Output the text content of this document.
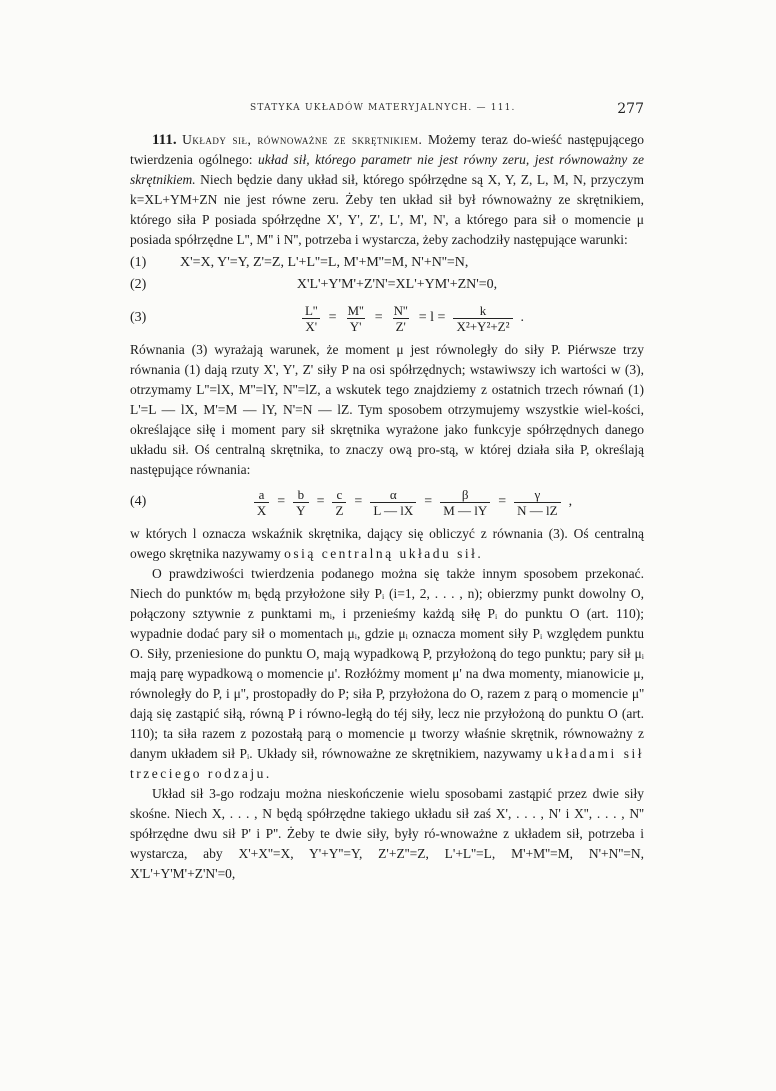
STATYKA UKŁADÓW MATERYJALNYCH. — 111.	277

111. Układy sił, równoważne ze skrętnikiem. Możemy teraz do-wieść następującego twierdzenia ogólnego: układ sił, którego parametr nie jest równy zeru, jest równoważny ze skrętnikiem. Niech będzie dany układ sił, którego spółrzędne są X, Y, Z, L, M, N, przyczym k=XL+YM+ZN nie jest równe zeru. Żeby ten układ sił był równoważny ze skrętnikiem, którego siła P posiada spółrzędne X', Y', Z', L', M', N', a którego para sił o momencie μ posiada spółrzędne L'', M'' i N'', potrzeba i wystarcza, żeby zachodziły następujące warunki:

(1)	X'=X, Y'=Y, Z'=Z, L'+L''=L, M'+M''=M, N'+N''=N,
(2)	X'L'+Y'M'+Z'N'=XL'+YM'+ZN'=0,
(3)	$\frac{L''}{X'} = \frac{M''}{Y'} = \frac{N''}{Z'} = l = \frac{k}{\text{X²+Y²+Z²}}$ .

Równania (3) wyrażają warunek, że moment μ jest równoległy do siły P. Piérwsze trzy równania (1) dają rzuty X', Y', Z' siły P na osi spółrzędnych; wstawiwszy ich wartości w (3), otrzymamy L''=lX, M''=lY, N''=lZ, a wskutek tego znajdziemy z ostatnich trzech równań (1) L'=L — lX, M'=M — lY, N'=N — lZ. Tym sposobem otrzymujemy wszystkie wiel-kości, określające siłę i moment pary sił skrętnika wyrażone jako funkcyje spółrzędnych danego układu sił. Oś centralną skrętnika, to znaczy ową pro-stą, w której działa siła P, określają następujące równania:

(4)	$\frac{a}{X} = \frac{b}{Y} = \frac{c}{Z} = \frac{\alpha}{L — lX} = \frac{\beta}{M — lY} = \frac{\gamma}{N — lZ}$ ,

w których l oznacza wskaźnik skrętnika, dający się obliczyć z równania (3). Oś centralną owego skrętnika nazywamy osią centralną układu sił.

O prawdziwości twierdzenia podanego można się także innym sposobem przekonać. Niech do punktów mᵢ będą przyłożone siły Pᵢ (i=1, 2, . . . , n); obierzmy punkt dowolny O, połączony sztywnie z punktami mᵢ, i przenieśmy każdą siłę Pᵢ do punktu O (art. 110); wypadnie dodać pary sił o momentach μᵢ, gdzie μᵢ oznacza moment siły Pᵢ względem punktu O. Siły, przeniesione do punktu O, mają wypadkową P, przyłożoną do tego punktu; pary sił μᵢ mają parę wypadkową o momencie μ'. Rozłóżmy moment μ' na dwa momenty, mianowicie μ, równoległy do P, i μ'', prostopadły do P; siła P, przyłożona do O, razem z parą o momencie μ'' dają się zastąpić siłą, równą P i równo-ległą do téj siły, lecz nie przyłożoną do punktu O (art. 110); ta siła razem z pozostałą parą o momencie μ tworzy właśnie skrętnik, równoważny z danym układem sił Pᵢ. Układy sił, równoważne ze skrętnikiem, nazywamy układami sił trzeciego rodzaju.

Układ sił 3-go rodzaju można nieskończenie wielu sposobami zastąpić przez dwie siły skośne. Niech X, . . . , N będą spółrzędne takiego układu sił zaś X', . . . , N' i X'', . . . , N'' spółrzędne dwu sił P' i P''. Żeby te dwie siły, były ró-wnoważne z układem sił, potrzeba i wystarcza, aby X'+X''=X, Y'+Y''=Y, Z'+Z''=Z, L'+L''=L, M'+M''=M, N'+N''=N, X'L'+Y'M'+Z'N'=0,
